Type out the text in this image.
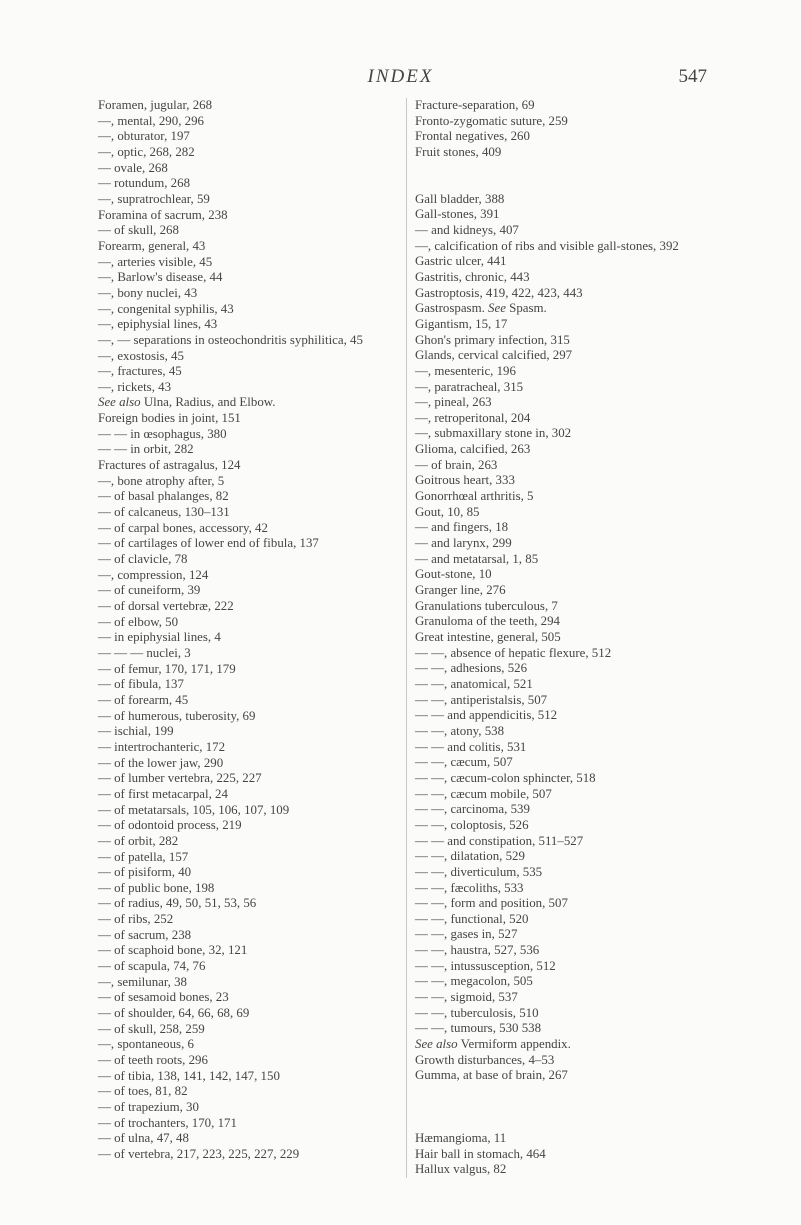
INDEX	547
Foramen, jugular, 268
—, mental, 290, 296
—, obturator, 197
—, optic, 268, 282
— ovale, 268
— rotundum, 268
—, supratrochlear, 59
Foramina of sacrum, 238
— of skull, 268
Forearm, general, 43
—, arteries visible, 45
—, Barlow's disease, 44
—, bony nuclei, 43
—, congenital syphilis, 43
—, epiphysial lines, 43
—, — separations in osteochondritis syphilitica, 45
—, exostosis, 45
—, fractures, 45
—, rickets, 43
See also Ulna, Radius, and Elbow.
Foreign bodies in joint, 151
— — in œsophagus, 380
— — in orbit, 282
Fractures of astragalus, 124
—, bone atrophy after, 5
— of basal phalanges, 82
— of calcaneus, 130–131
— of carpal bones, accessory, 42
— of cartilages of lower end of fibula, 137
— of clavicle, 78
—, compression, 124
— of cuneiform, 39
— of dorsal vertebræ, 222
— of elbow, 50
— in epiphysial lines, 4
— — — nuclei, 3
— of femur, 170, 171, 179
— of fibula, 137
— of forearm, 45
— of humerous, tuberosity, 69
— ischial, 199
— intertrochanteric, 172
— of the lower jaw, 290
— of lumber vertebra, 225, 227
— of first metacarpal, 24
— of metatarsals, 105, 106, 107, 109
— of odontoid process, 219
— of orbit, 282
— of patella, 157
— of pisiform, 40
— of public bone, 198
— of radius, 49, 50, 51, 53, 56
— of ribs, 252
— of sacrum, 238
— of scaphoid bone, 32, 121
— of scapula, 74, 76
—, semilunar, 38
— of sesamoid bones, 23
— of shoulder, 64, 66, 68, 69
— of skull, 258, 259
—, spontaneous, 6
— of teeth roots, 296
— of tibia, 138, 141, 142, 147, 150
— of toes, 81, 82
— of trapezium, 30
— of trochanters, 170, 171
— of ulna, 47, 48
— of vertebra, 217, 223, 225, 227, 229
Fracture-separation, 69
Fronto-zygomatic suture, 259
Frontal negatives, 260
Fruit stones, 409
Gall bladder, 388
Gall-stones, 391
— and kidneys, 407
—, calcification of ribs and visible gall-stones, 392
Gastric ulcer, 441
Gastritis, chronic, 443
Gastroptosis, 419, 422, 423, 443
Gastrospasm. See Spasm.
Gigantism, 15, 17
Ghon's primary infection, 315
Glands, cervical calcified, 297
—, mesenteric, 196
—, paratracheal, 315
—, pineal, 263
—, retroperitonal, 204
—, submaxillary stone in, 302
Glioma, calcified, 263
— of brain, 263
Goitrous heart, 333
Gonorrhœal arthritis, 5
Gout, 10, 85
— and fingers, 18
— and larynx, 299
— and metatarsal, 1, 85
Gout-stone, 10
Granger line, 276
Granulations tuberculous, 7
Granuloma of the teeth, 294
Great intestine, general, 505
— —, absence of hepatic flexure, 512
— —, adhesions, 526
— —, anatomical, 521
— —, antiperistalsis, 507
— — and appendicitis, 512
— —, atony, 538
— — and colitis, 531
— —, cæcum, 507
— —, cæcum-colon sphincter, 518
— —, cæcum mobile, 507
— —, carcinoma, 539
— —, coloptosis, 526
— — and constipation, 511–527
— —, dilatation, 529
— —, diverticulum, 535
— —, fæcoliths, 533
— —, form and position, 507
— —, functional, 520
— —, gases in, 527
— —, haustra, 527, 536
— —, intussusception, 512
— —, megacolon, 505
— —, sigmoid, 537
— —, tuberculosis, 510
— —, tumours, 530 538
See also Vermiform appendix.
Growth disturbances, 4–53
Gumma, at base of brain, 267
Hæmangioma, 11
Hair ball in stomach, 464
Hallux valgus, 82
